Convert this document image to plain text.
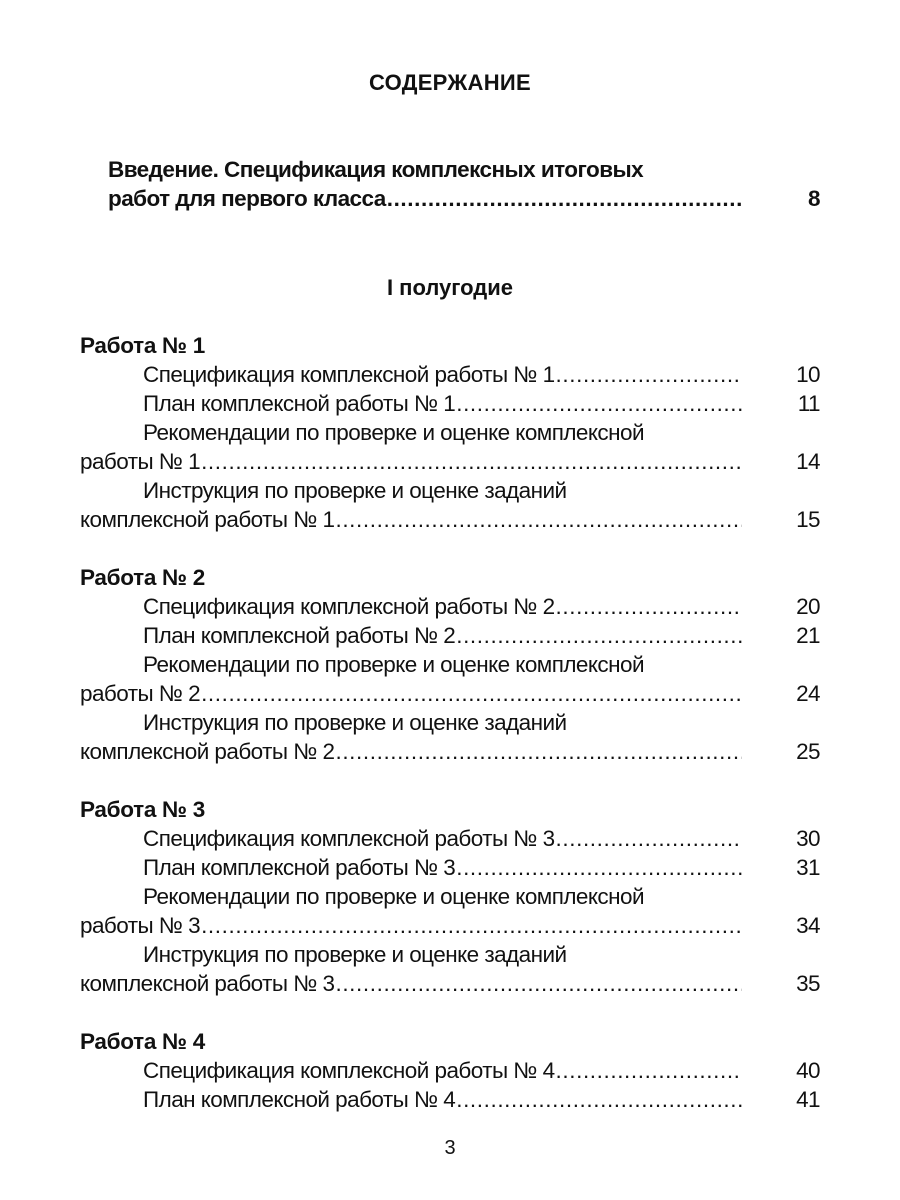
СОДЕРЖАНИЕ
Введение. Спецификация комплексных итоговых
работ для первого класса .....	8
I полугодие
Работа № 1
Спецификация комплексной работы № 1 .....	10
План комплексной работы № 1 .....	11
Рекомендации по проверке и оценке комплексной
работы № 1 .....	14
Инструкция по проверке и оценке заданий
комплексной работы № 1 .....	15
Работа № 2
Спецификация комплексной работы № 2 .....	20
План комплексной работы № 2 .....	21
Рекомендации по проверке и оценке комплексной
работы № 2 .....	24
Инструкция по проверке и оценке заданий
комплексной работы № 2 .....	25
Работа № 3
Спецификация комплексной работы № 3 .....	30
План комплексной работы № 3 .....	31
Рекомендации по проверке и оценке комплексной
работы № 3 .....	34
Инструкция по проверке и оценке заданий
комплексной работы № 3 .....	35
Работа № 4
Спецификация комплексной работы № 4 .....	40
План комплексной работы № 4 .....	41
3
